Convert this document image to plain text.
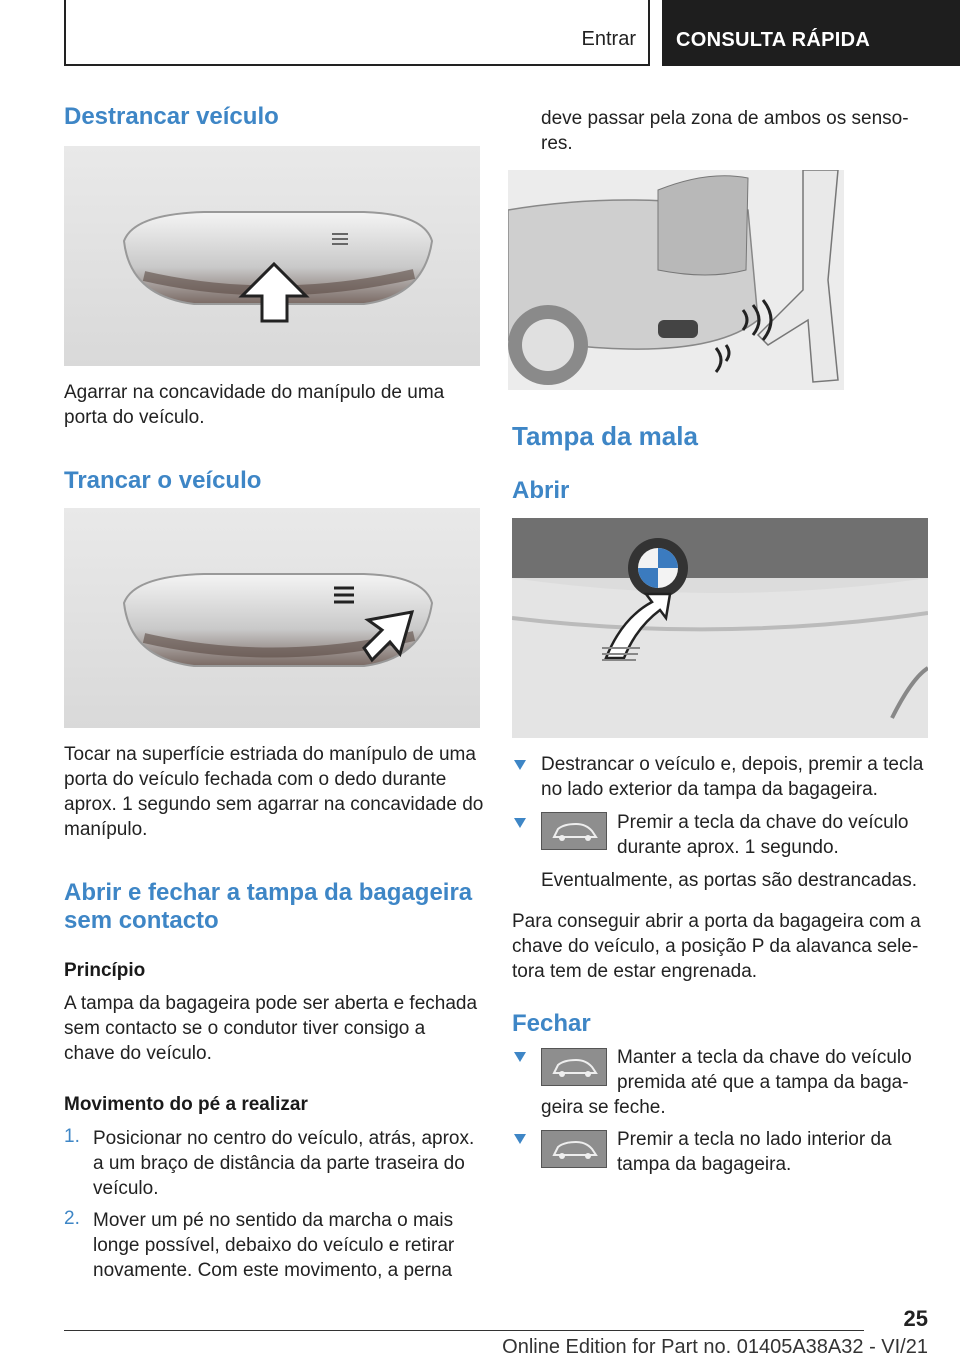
Entrar	CONSULTA RÁPIDA
Destrancar veículo
Agarrar na concavidade do manípulo de uma
porta do veículo.
Trancar o veículo
Tocar na superfície estriada do manípulo de uma
porta do veículo fechada com o dedo durante
aprox. 1 segundo sem agarrar na concavidade do
manípulo.
Abrir e fechar a tampa da bagageira
sem contacto
Princípio
A tampa da bagageira pode ser aberta e fechada
sem contacto se o condutor tiver consigo a
chave do veículo.
Movimento do pé a realizar
1. Posicionar no centro do veículo, atrás, aprox.
a um braço de distância da parte traseira do
veículo.
2. Mover um pé no sentido da marcha o mais
longe possível, debaixo do veículo e retirar
novamente. Com este movimento, a perna
deve passar pela zona de ambos os senso-
res.
Tampa da mala
Abrir
Destrancar o veículo e, depois, premir a tecla
no lado exterior da tampa da bagageira.
Premir a tecla da chave do veículo
durante aprox. 1 segundo.
Eventualmente, as portas são destrancadas.
Para conseguir abrir a porta da bagageira com a
chave do veículo, a posição P da alavanca sele-
tora tem de estar engrenada.
Fechar
Manter a tecla da chave do veículo
premida até que a tampa da baga-
geira se feche.
Premir a tecla no lado interior da
tampa da bagageira.
25
Online Edition for Part no. 01405A38A32 - VI/21
